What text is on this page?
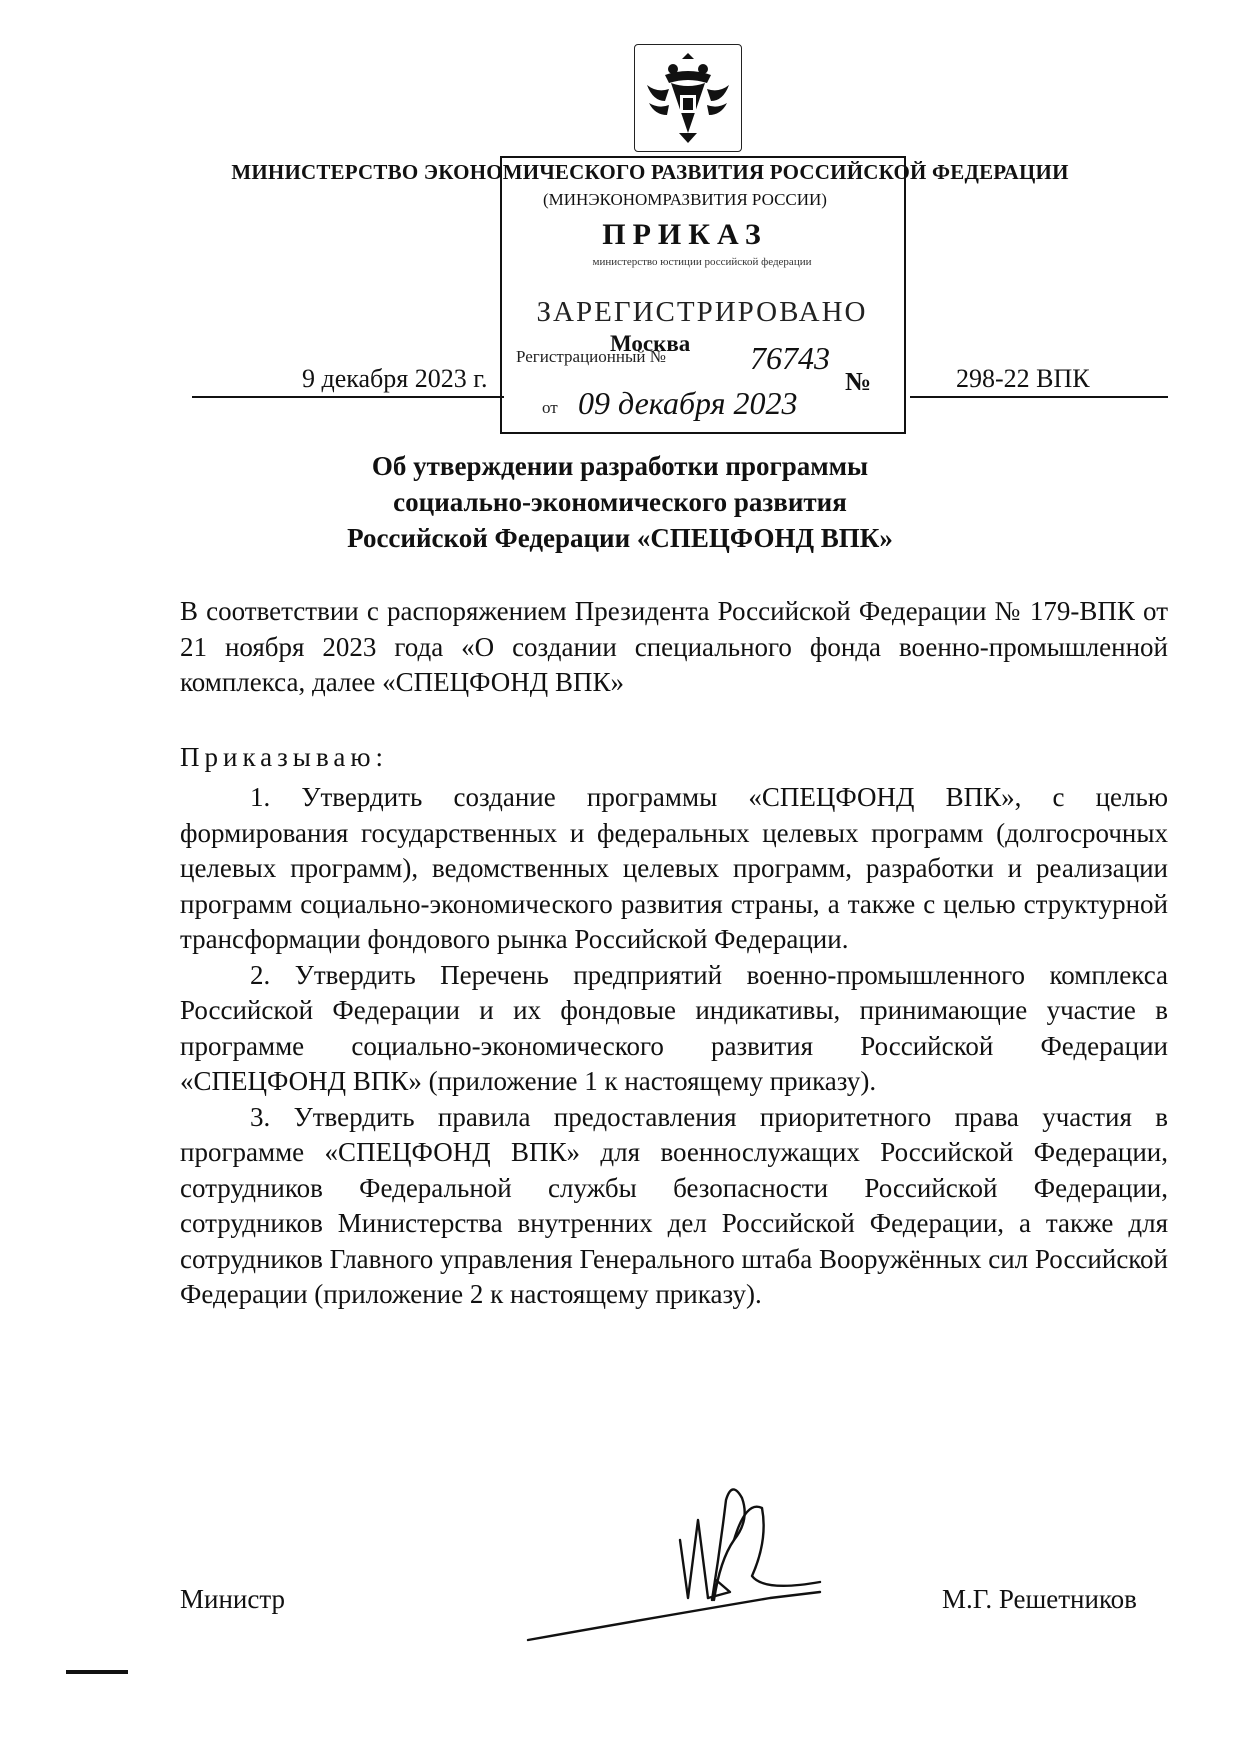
МИНИСТЕРСТВО ЭКОНОМИЧЕСКОГО РАЗВИТИЯ РОССИЙСКОЙ ФЕДЕРАЦИИ
(МИНЭКОНОМРАЗВИТИЯ РОССИИ)
ПРИКАЗ
министерство юстиции российской федерации
ЗАРЕГИСТРИРОВАНО
Регистрационный №	76743
от 09 декабря 2023
Москва
9 декабря 2023 г.	№	298-22 ВПК
Об утверждении разработки программы
социально-экономического развития
Российской Федерации «СПЕЦФОНД ВПК»
В соответствии с распоряжением Президента Российской Федерации № 179-ВПК от 21 ноября 2023 года «О создании специального фонда военно-промышленной комплекса, далее «СПЕЦФОНД ВПК»
Приказываю:

1. Утвердить создание программы «СПЕЦФОНД ВПК», с целью формирования государственных и федеральных целевых программ (долгосрочных целевых программ), ведомственных целевых программ, разработки и реализации программ социально-экономического развития страны, а также с целью структурной трансформации фондового рынка Российской Федерации.

2. Утвердить Перечень предприятий военно-промышленного комплекса Российской Федерации и их фондовые индикативы, принимающие участие в программе социально-экономического развития Российской Федерации «СПЕЦФОНД ВПК» (приложение 1 к настоящему приказу).

3. Утвердить правила предоставления приоритетного права участия в программе «СПЕЦФОНД ВПК» для военнослужащих Российской Федерации, сотрудников Федеральной службы безопасности Российской Федерации, сотрудников Министерства внутренних дел Российской Федерации, а также для сотрудников Главного управления Генерального штаба Вооружённых сил Российской Федерации (приложение 2 к настоящему приказу).

Министр	М.Г. Решетников
